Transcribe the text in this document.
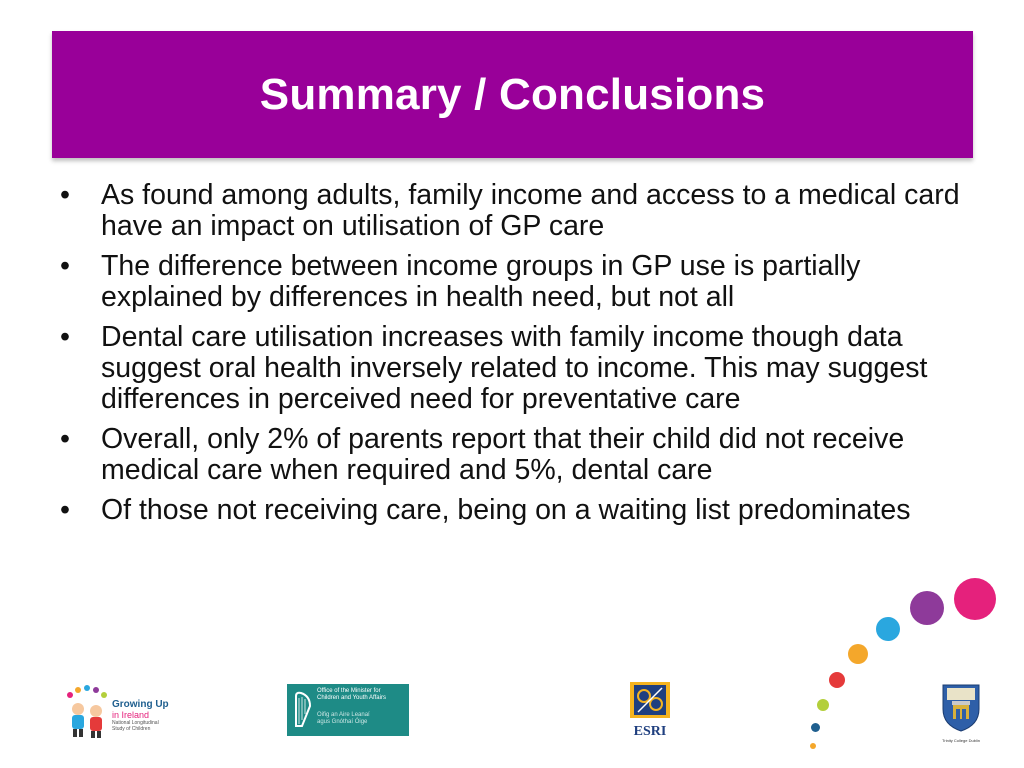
Summary / Conclusions
•	As found among adults, family income and access to a medical card have an impact on utilisation of GP care
•	The difference between income groups in GP use is partially explained by differences in health need, but not all
•	Dental care utilisation increases with family income though data suggest oral health inversely related to income. This may suggest differences in perceived need for preventative care
•	Overall, only 2% of parents report that their child did not receive medical care when required and 5%, dental care
•	Of those not receiving care, being on a waiting list predominates
Growing Up
in Ireland
National Longitudinal
Study of Children
Office of the Minister for
Children and Youth Affairs
Oifig an Aire Leanaí
agus Gnóthaí Óige
ESRI
Trinity College Dublin
